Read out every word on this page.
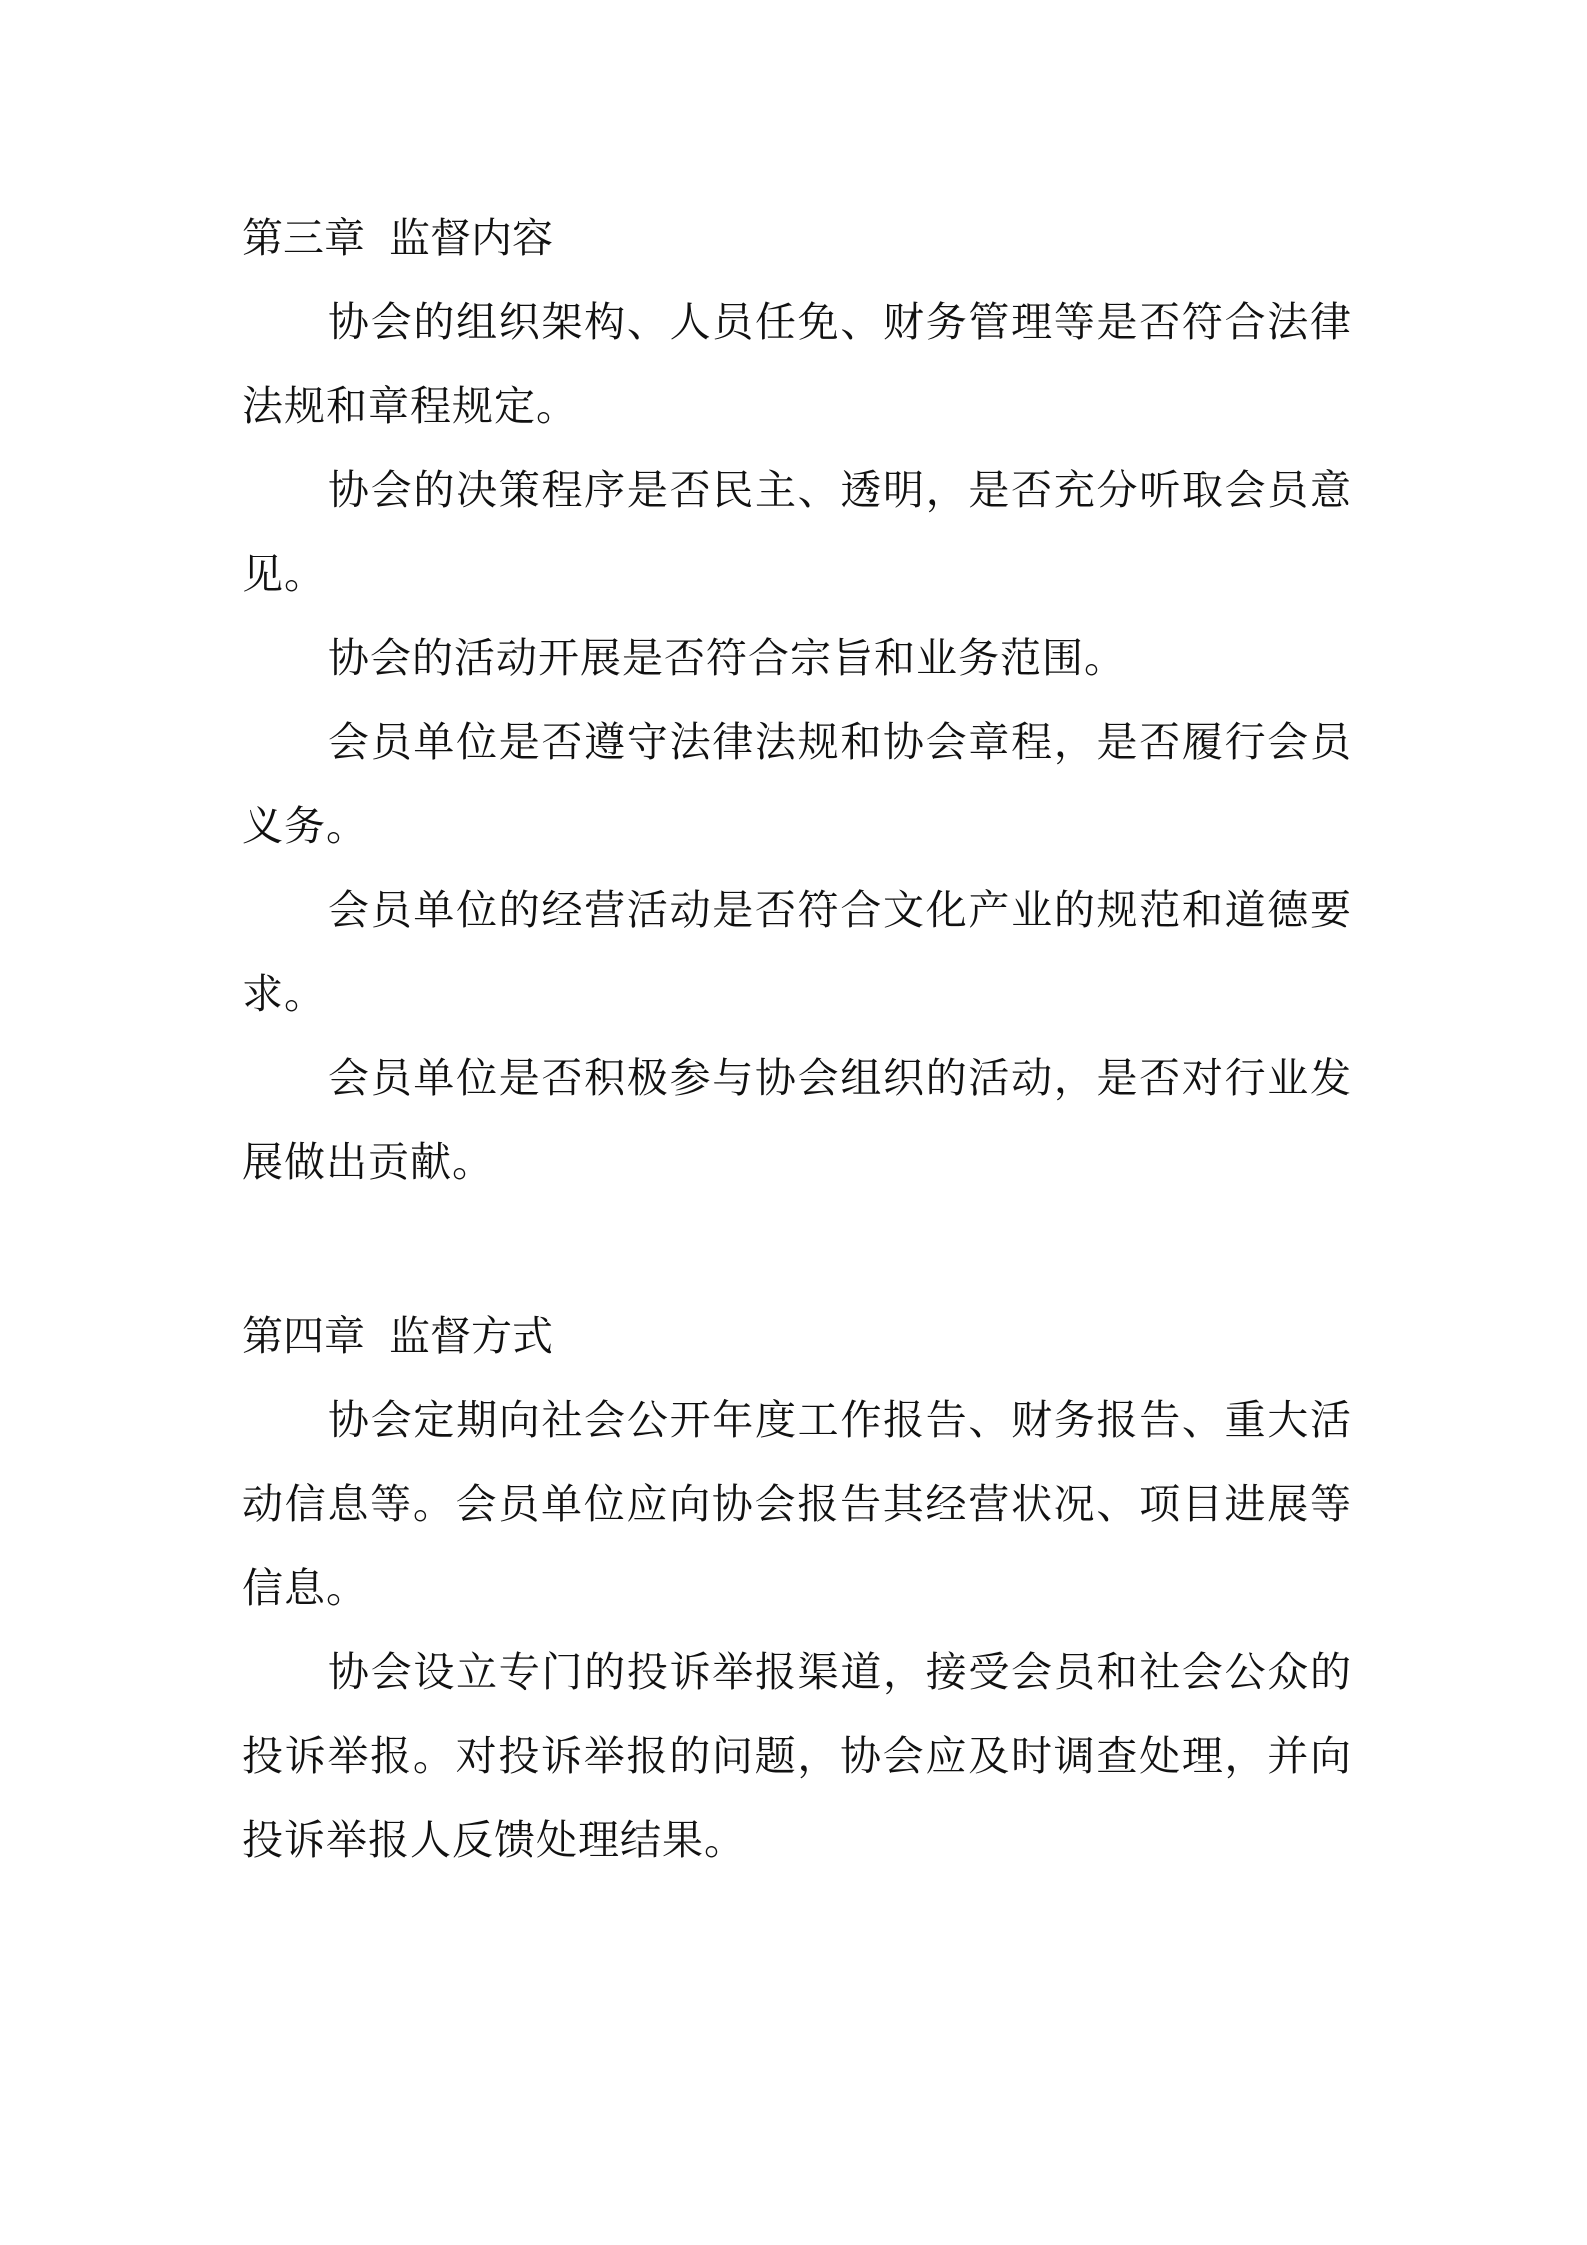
第三章 监督内容

协会的组织架构、人员任免、财务管理等是否符合法律法规和章程规定。

协会的决策程序是否民主、透明，是否充分听取会员意见。

协会的活动开展是否符合宗旨和业务范围。

会员单位是否遵守法律法规和协会章程，是否履行会员义务。

会员单位的经营活动是否符合文化产业的规范和道德要求。

会员单位是否积极参与协会组织的活动，是否对行业发展做出贡献。

第四章 监督方式

协会定期向社会公开年度工作报告、财务报告、重大活动信息等。会员单位应向协会报告其经营状况、项目进展等信息。

协会设立专门的投诉举报渠道，接受会员和社会公众的投诉举报。对投诉举报的问题，协会应及时调查处理，并向投诉举报人反馈处理结果。
